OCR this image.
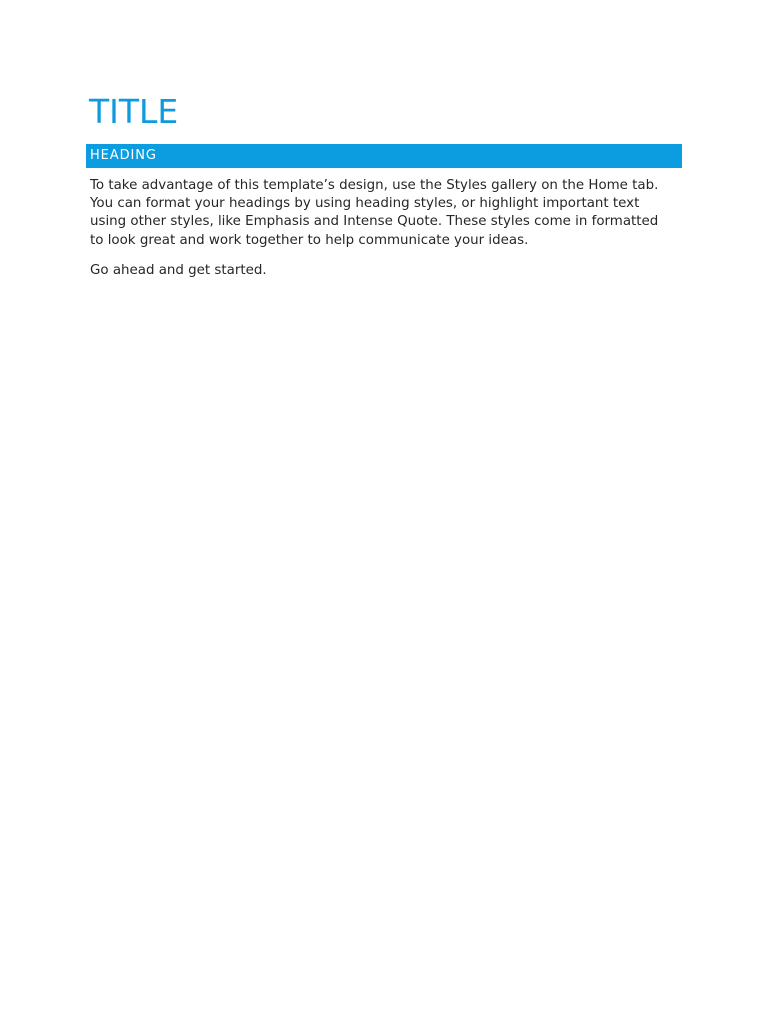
TITLE
HEADING

To take advantage of this template’s design, use the Styles gallery on the Home tab.
You can format your headings by using heading styles, or highlight important text
using other styles, like Emphasis and Intense Quote. These styles come in formatted
to look great and work together to help communicate your ideas.

Go ahead and get started.
